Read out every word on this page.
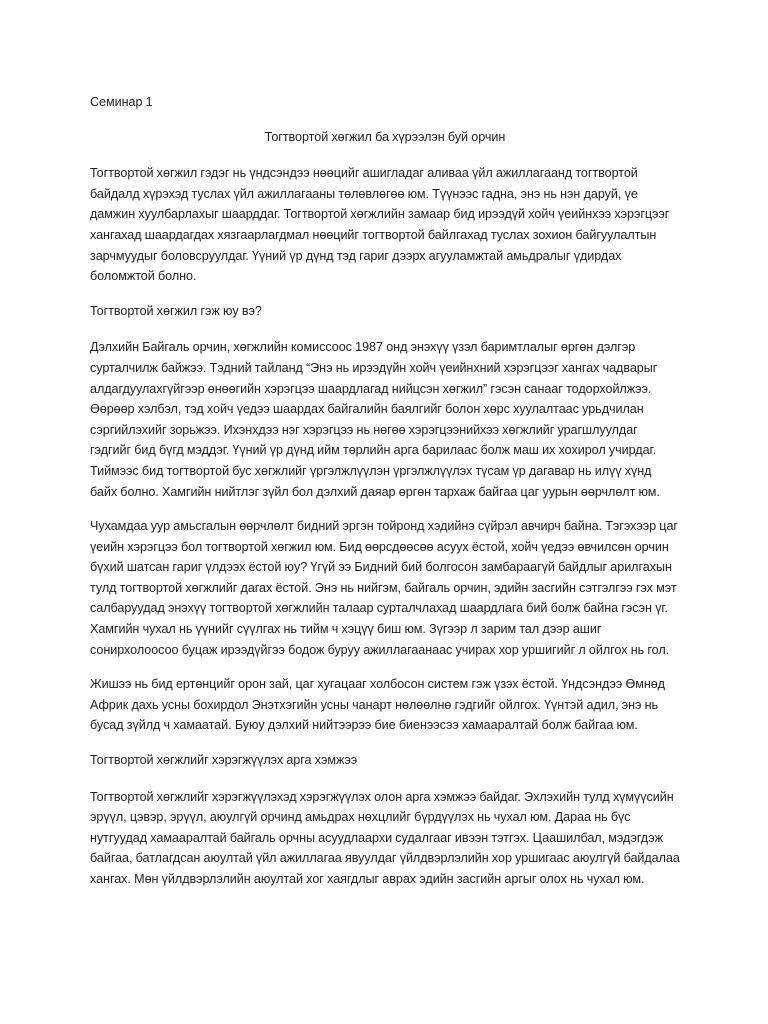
Семинар 1

Тогтвортой хөгжил ба хүрээлэн буй орчин

Тогтвортой хөгжил гэдэг нь үндсэндээ нөөцийг ашигладаг аливаа үйл ажиллагаанд тогтвортой байдалд хүрэхэд туслах үйл ажиллагааны төлөвлөгөө юм. Түүнээс гадна, энэ нь нэн даруй, үе дамжин хуулбарлахыг шаарддаг. Тогтвортой хөгжлийн замаар бид ирээдүй хойч үеийнхээ хэрэгцээг хангахад шаардагдах хязгаарлагдмал нөөцийг тогтвортой байлгахад туслах зохион байгуулалтын зарчмуудыг боловсруулдаг. Үүний үр дүнд тэд гариг дээрх агууламжтай амьдралыг үдирдах боломжтой болно.

Тогтвортой хөгжил гэж юу вэ?

Дэлхийн Байгаль орчин, хөгжлийн комиссоос 1987 онд энэхүү үзэл баримтлалыг өргөн дэлгэр сурталчилж байжээ. Тэдний тайланд “Энэ нь ирээдүйн хойч үеийнхний хэрэгцээг хангах чадварыг алдагдуулахгүйгээр өнөөгийн хэрэгцээ шаардлагад нийцсэн хөгжил” гэсэн санааг тодорхойлжээ. Өөрөөр хэлбэл, тэд хойч үедээ шаардах байгалийн баялгийг болон хөрс хуулалтаас урьдчилан сэргийлэхийг зорьжээ. Ихэнхдээ нэг хэрэгцээ нь нөгөө хэрэгцээнийхээ хөгжлийг урагшлуулдаг гэдгийг бид бүгд мэддэг. Үүний үр дүнд ийм төрлийн арга барилаас болж маш их хохирол учирдаг. Тиймээс бид тогтвортой бус хөгжлийг үргэлжлүүлэн үргэлжлүүлэх түсам үр дагавар нь илүү хүнд байх болно. Хамгийн нийтлэг зүйл бол дэлхий даяар өргөн тархаж байгаа цаг уурын өөрчлөлт юм.

Чухамдаа уур амьсгалын өөрчлөлт бидний эргэн тойронд хэдийнэ сүйрэл авчирч байна. Тэгэхээр цаг үеийн хэрэгцээ бол тогтвортой хөгжил юм. Бид өөрсдөөсөө асуух ёстой, хойч үедээ өвчилсөн орчин бүхий шатсан гариг үлдээх ёстой юу? Үгүй ээ Бидний бий болгосон замбараагүй байдлыг арилгахын тулд тогтвортой хөгжлийг дагах ёстой. Энэ нь нийгэм, байгаль орчин, эдийн засгийн сэтгэлгээ гэх мэт салбаруудад энэхүү тогтвортой хөгжлийн талаар сурталчлахад шаардлага бий болж байна гэсэн үг. Хамгийн чухал нь үүнийг сүүлгах нь тийм ч хэцүү биш юм. Зүгээр л зарим тал дээр ашиг сонирхолоосоо буцаж ирээдүйгээ бодож буруу ажиллагаанаас учирах хор уршигийг л ойлгох нь гол.

Жишээ нь бид ертөнцийг орон зай, цаг хугацааг холбосон систем гэж үзэх ёстой. Үндсэндээ Өмнөд Африк дахь усны бохирдол Энэтхэгийн усны чанарт нөлөөлнө гэдгийг ойлгох. Үүнтэй адил, энэ нь бусад зүйлд ч хамаатай. Буюу дэлхий нийтээрээ бие биенээсээ хамааралтай болж байгаа юм.

Тогтвортой хөгжлийг хэрэгжүүлэх арга хэмжээ

Тогтвортой хөгжлийг хэрэгжүүлэхэд хэрэгжүүлэх олон арга хэмжээ байдаг. Эхлэхийн тулд хүмүүсийн эрүүл, цэвэр, эрүүл, аюулгүй орчинд амьдрах нөхцлийг бүрдүүлэх нь чухал юм. Дараа нь бүс нутгуудад хамааралтай байгаль орчны асуудлаархи судалгааг ивээн тэтгэх. Цаашилбал, мэдэгдэж байгаа, батлагдсан аюултай үйл ажиллагаа явуулдаг үйлдвэрлэлийн хор уршигаас аюулгүй байдалаа хангах. Мөн үйлдвэрлэлийн аюултай хог хаягдлыг аврах эдийн засгийн аргыг олох нь чухал юм.
